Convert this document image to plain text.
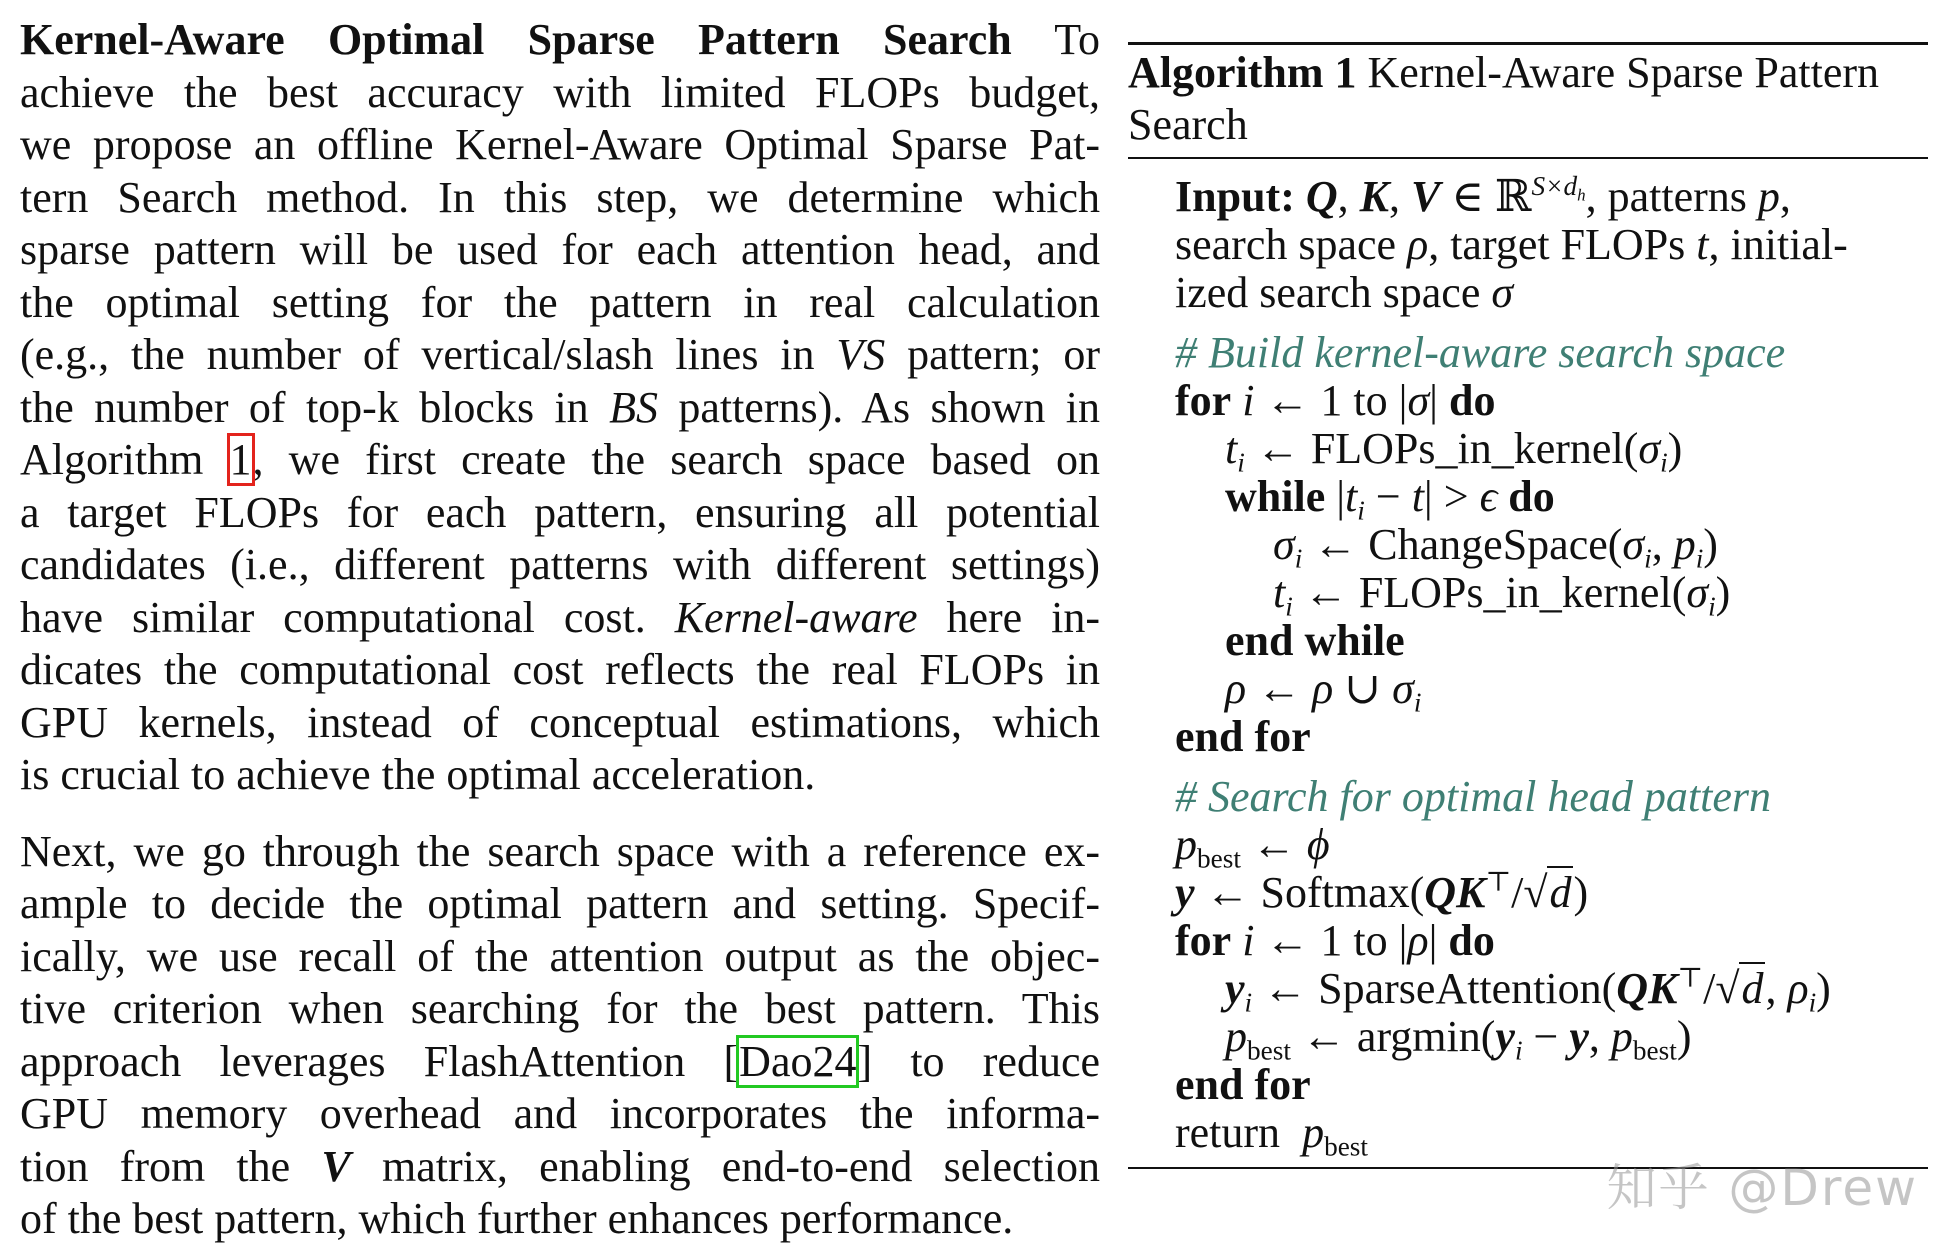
Kernel-Aware Optimal Sparse Pattern Search To
achieve the best accuracy with limited FLOPs budget,
we propose an offline Kernel-Aware Optimal Sparse Pat-
tern Search method. In this step, we determine which
sparse pattern will be used for each attention head, and
the optimal setting for the pattern in real calculation
(e.g., the number of vertical/slash lines in VS pattern; or
the number of top-k blocks in BS patterns). As shown in
Algorithm 1, we first create the search space based on
a target FLOPs for each pattern, ensuring all potential
candidates (i.e., different patterns with different settings)
have similar computational cost. Kernel-aware here in-
dicates the computational cost reflects the real FLOPs in
GPU kernels, instead of conceptual estimations, which
is crucial to achieve the optimal acceleration.

Next, we go through the search space with a reference ex-
ample to decide the optimal pattern and setting. Specif-
ically, we use recall of the attention output as the objec-
tive criterion when searching for the best pattern. This
approach leverages FlashAttention [Dao24] to reduce
GPU memory overhead and incorporates the informa-
tion from the V matrix, enabling end-to-end selection
of the best pattern, which further enhances performance.

Algorithm 1 Kernel-Aware Sparse Pattern
Search
Input: Q, K, V ∈ ℝ$^{S\times d_h}$, patterns p,
search space ρ, target FLOPs t, initial-
ized search space σ
# Build kernel-aware search space
for i ← 1 to |σ| do
$t_i$ ← $FLOPs\_in\_kernel(\sigma_i)$
while $|t_i - t| > \epsilon$ do
$\sigma_i$ ← $ChangeSpace(\sigma_i$, $p_i$)
$t_i$ ← $FLOPs\_in\_kernel(\sigma_i)$
end while
ρ ← ρ ∪ $\sigma_i$
end for
# Search for optimal head pattern
$p_{best}$ ← ϕ
y ← Softmax(QK⊤/√d)
for i ← 1 to |ρ| do
$y_i$ ← SparseAttention(QK⊤/√d, $\rho_i$)
$p_{best}$ ← $argmin(y_i - y$, $p_{best}$)
end for
return $p_{best}$
知乎 @Drew
